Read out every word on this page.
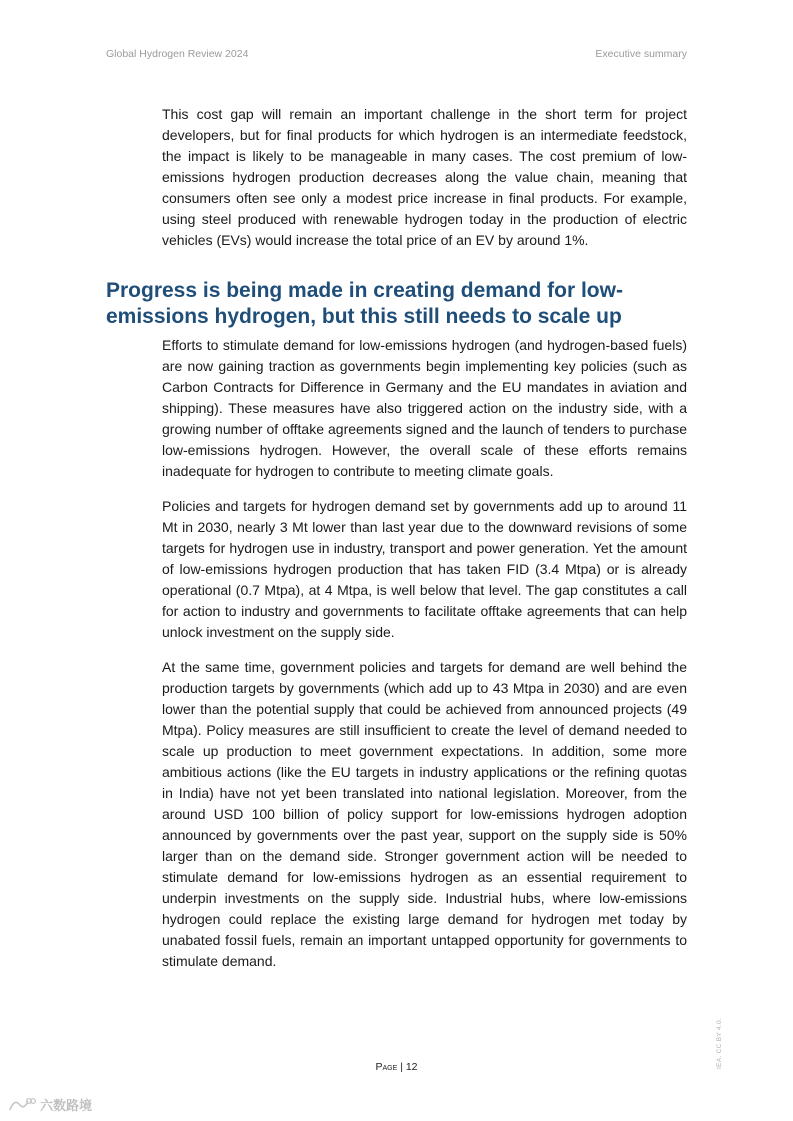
Global Hydrogen Review 2024	Executive summary

This cost gap will remain an important challenge in the short term for project developers, but for final products for which hydrogen is an intermediate feedstock, the impact is likely to be manageable in many cases. The cost premium of low-emissions hydrogen production decreases along the value chain, meaning that consumers often see only a modest price increase in final products. For example, using steel produced with renewable hydrogen today in the production of electric vehicles (EVs) would increase the total price of an EV by around 1%.

Progress is being made in creating demand for low-emissions hydrogen, but this still needs to scale up

Efforts to stimulate demand for low-emissions hydrogen (and hydrogen-based fuels) are now gaining traction as governments begin implementing key policies (such as Carbon Contracts for Difference in Germany and the EU mandates in aviation and shipping). These measures have also triggered action on the industry side, with a growing number of offtake agreements signed and the launch of tenders to purchase low-emissions hydrogen. However, the overall scale of these efforts remains inadequate for hydrogen to contribute to meeting climate goals.

Policies and targets for hydrogen demand set by governments add up to around 11 Mt in 2030, nearly 3 Mt lower than last year due to the downward revisions of some targets for hydrogen use in industry, transport and power generation. Yet the amount of low-emissions hydrogen production that has taken FID (3.4 Mtpa) or is already operational (0.7 Mtpa), at 4 Mtpa, is well below that level. The gap constitutes a call for action to industry and governments to facilitate offtake agreements that can help unlock investment on the supply side.

At the same time, government policies and targets for demand are well behind the production targets by governments (which add up to 43 Mtpa in 2030) and are even lower than the potential supply that could be achieved from announced projects (49 Mtpa). Policy measures are still insufficient to create the level of demand needed to scale up production to meet government expectations. In addition, some more ambitious actions (like the EU targets in industry applications or the refining quotas in India) have not yet been translated into national legislation. Moreover, from the around USD 100 billion of policy support for low-emissions hydrogen adoption announced by governments over the past year, support on the supply side is 50% larger than on the demand side. Stronger government action will be needed to stimulate demand for low-emissions hydrogen as an essential requirement to underpin investments on the supply side. Industrial hubs, where low-emissions hydrogen could replace the existing large demand for hydrogen met today by unabated fossil fuels, remain an important untapped opportunity for governments to stimulate demand.

Page | 12	IEA. CC BY 4.0.
六数路境
